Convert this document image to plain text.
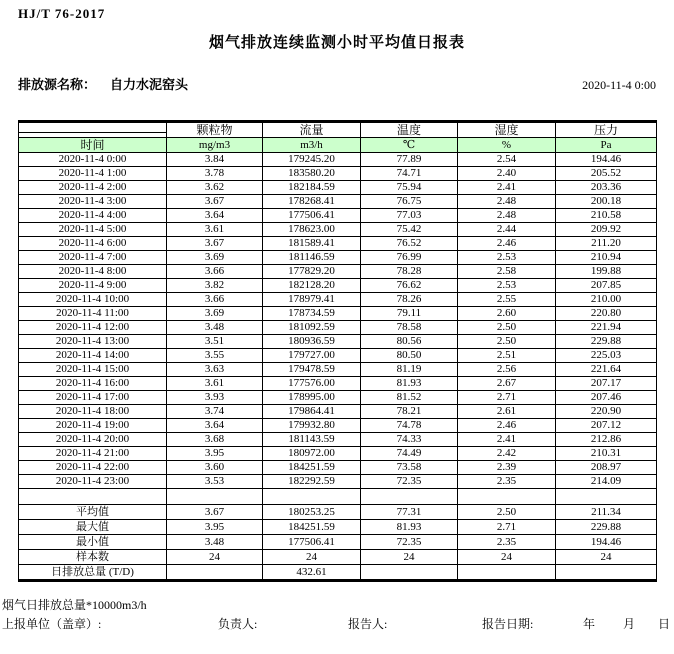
HJ/T 76-2017
烟气排放连续监测小时平均值日报表
排放源名称： 自力水泥窑头	2020-11-4 0:00
	颗粒物	流量	温度	湿度	压力

时间	mg/m3	m3/h	℃	%	Pa
2020-11-4 0:00	3.84	179245.20	77.89	2.54	194.46
2020-11-4 1:00	3.78	183580.20	74.71	2.40	205.52
2020-11-4 2:00	3.62	182184.59	75.94	2.41	203.36
2020-11-4 3:00	3.67	178268.41	76.75	2.48	200.18
2020-11-4 4:00	3.64	177506.41	77.03	2.48	210.58
2020-11-4 5:00	3.61	178623.00	75.42	2.44	209.92
2020-11-4 6:00	3.67	181589.41	76.52	2.46	211.20
2020-11-4 7:00	3.69	181146.59	76.99	2.53	210.94
2020-11-4 8:00	3.66	177829.20	78.28	2.58	199.88
2020-11-4 9:00	3.82	182128.20	76.62	2.53	207.85
2020-11-4 10:00	3.66	178979.41	78.26	2.55	210.00
2020-11-4 11:00	3.69	178734.59	79.11	2.60	220.80
2020-11-4 12:00	3.48	181092.59	78.58	2.50	221.94
2020-11-4 13:00	3.51	180936.59	80.56	2.50	229.88
2020-11-4 14:00	3.55	179727.00	80.50	2.51	225.03
2020-11-4 15:00	3.63	179478.59	81.19	2.56	221.64
2020-11-4 16:00	3.61	177576.00	81.93	2.67	207.17
2020-11-4 17:00	3.93	178995.00	81.52	2.71	207.46
2020-11-4 18:00	3.74	179864.41	78.21	2.61	220.90
2020-11-4 19:00	3.64	179932.80	74.78	2.46	207.12
2020-11-4 20:00	3.68	181143.59	74.33	2.41	212.86
2020-11-4 21:00	3.95	180972.00	74.49	2.42	210.31
2020-11-4 22:00	3.60	184251.59	73.58	2.39	208.97
2020-11-4 23:00	3.53	182292.59	72.35	2.35	214.09

平均值	3.67	180253.25	77.31	2.50	211.34
最大值	3.95	184251.59	81.93	2.71	229.88
最小值	3.48	177506.41	72.35	2.35	194.46
样本数	24	24	24	24	24
日排放总量 (T/D)		432.61			
烟气日排放总量*10000m3/h
上报单位（盖章）:	负责人:	报告人:	报告日期:	年 月 日
